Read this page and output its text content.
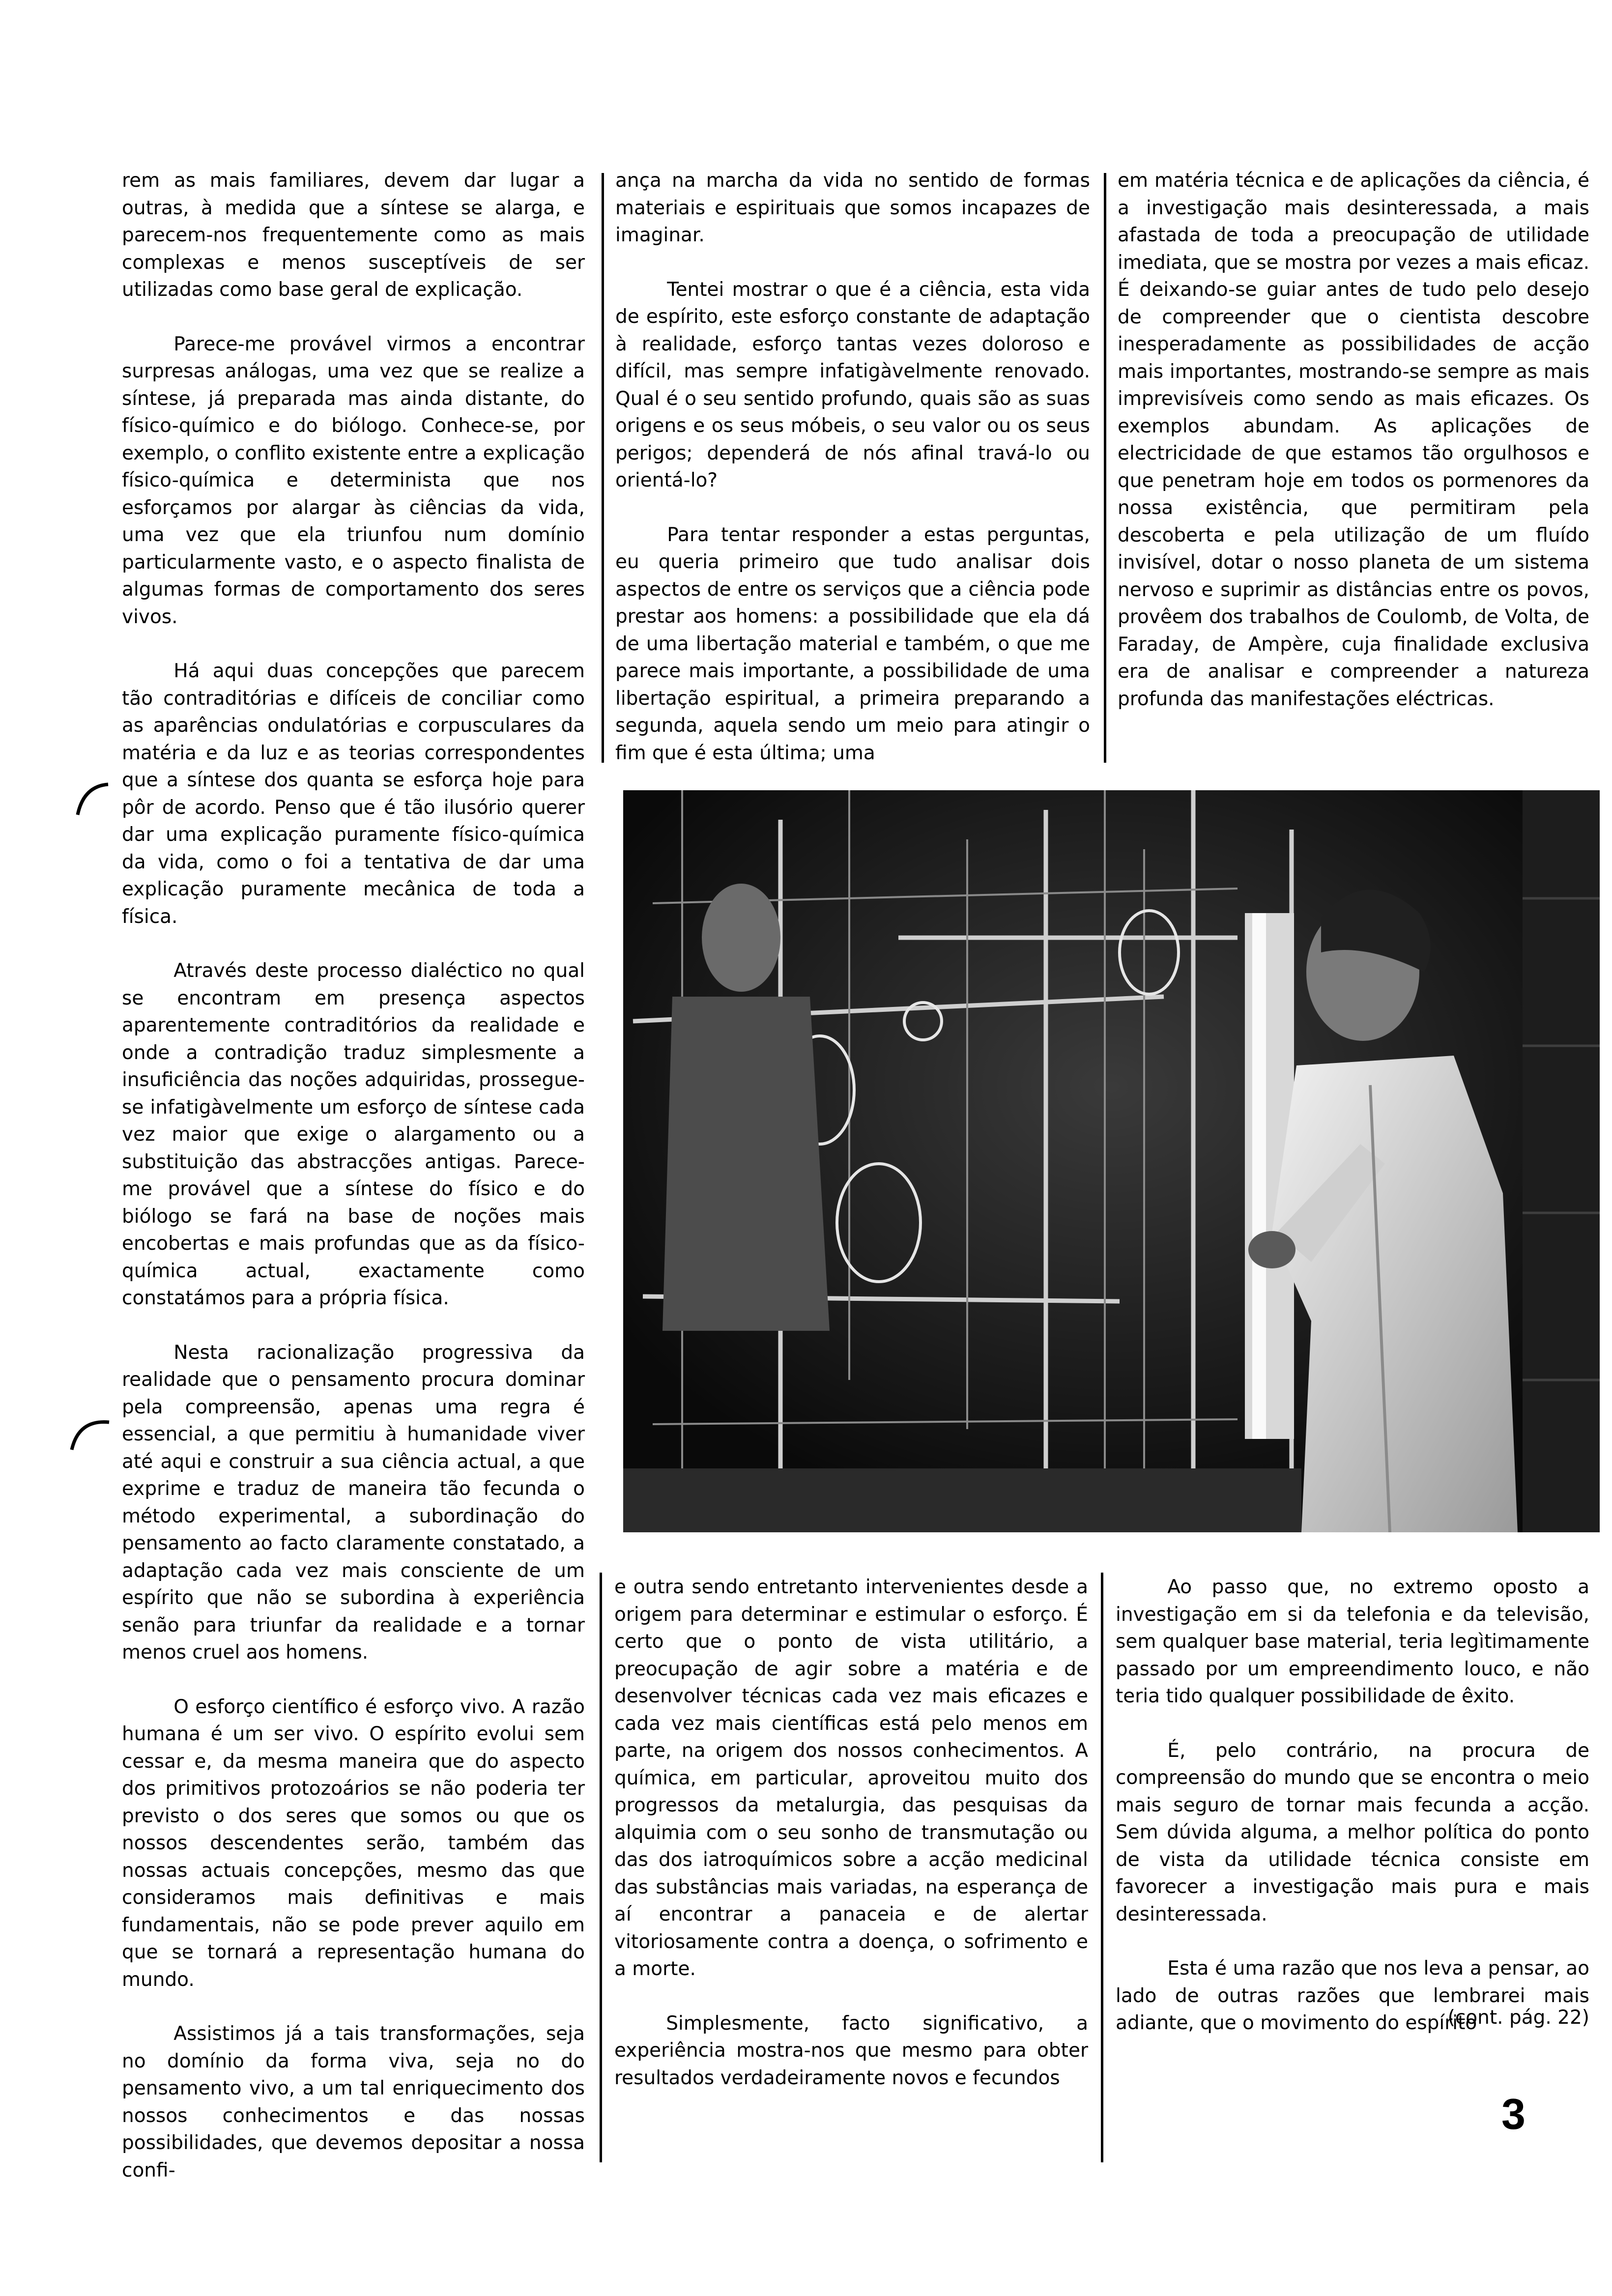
rem as mais familiares, devem dar lugar a outras, à medida que a síntese se alarga, e parecem-nos frequentemente como as mais complexas e menos susceptíveis de ser utilizadas como base geral de explicação.

Parece-me provável virmos a encontrar surpresas análogas, uma vez que se realize a síntese, já preparada mas ainda distante, do físico-químico e do biólogo. Conhece-se, por exemplo, o conflito existente entre a explicação físico-química e deterministа que nos esforçamos por alargar às ciências da vida, uma vez que ela triunfou num domínio particularmente vasto, e o aspecto finalista de algumas formas de comportamento dos seres vivos.

Há aqui duas concepções que parecem tão contraditórias e difíceis de conciliar como as aparências ondulatórias e corpusculares da matéria e da luz e as teorias correspondentes que a síntese dos quanta se esforça hoje para pôr de acordo. Penso que é tão ilusório querer dar uma explicação puramente físico-química da vida, como o foi a tentativa de dar uma explicação puramente mecânica de toda a física.

Através deste processo dialéctico no qual se encontram em presença aspectos aparentemente contraditórios da realidade e onde a contradição traduz simplesmente a insuficiência das noções adquiridas, prossegue-se infatigàvelmente um esforço de síntese cada vez maior que exige o alargamento ou a substituição das abstracções antigas. Parece-me provável que a síntese do físico e do biólogo se fará na base de noções mais encobertas e mais profundas que as da físico-química actual, exactamente como constatámos para a própria física.

Nesta racionalização progressiva da realidade que o pensamento procura dominar pela compreensão, apenas uma regra é essencial, a que permitiu à humanidade viver até aqui e construir a sua ciência actual, a que exprime e traduz de maneira tão fecunda o método experimental, a subordinação do pensamento ao facto claramente constatado, a adaptação cada vez mais consciente de um espírito que não se subordina à experiência senão para triunfar da realidade e a tornar menos cruel aos homens.

O esforço científico é esforço vivo. A razão humana é um ser vivo. O espírito evolui sem cessar e, da mesma maneira que do aspecto dos primitivos protozoários se não poderia ter previsto o dos seres que somos ou que os nossos descendentes serão, também das nossas actuais concepções, mesmo das que consideramos mais definitivas e mais fundamentais, não se pode prever aquilo em que se tornará a representação humana do mundo.

Assistimos já a tais transformações, seja no domínio da forma viva, seja no do pensamento vivo, a um tal enriquecimento dos nossos conhecimentos e das nossas possibilidades, que devemos depositar a nossa confi-

ança na marcha da vida no sentido de formas materiais e espirituais que somos incapazes de imaginar.

Tentei mostrar o que é a ciência, esta vida de espírito, este esforço constante de adaptação à realidade, esforço tantas vezes doloroso e difícil, mas sempre infatigàvelmente renovado. Qual é o seu sentido profundo, quais são as suas origens e os seus móbeis, o seu valor ou os seus perigos; dependerá de nós afinal travá-lo ou orientá-lo?

Para tentar responder a estas perguntas, eu queria primeiro que tudo analisar dois aspectos de entre os serviços que a ciência pode prestar aos homens: a possibilidade que ela dá de uma libertação material e também, o que me parece mais importante, a possibilidade de uma libertação espiritual, a primeira preparando a segunda, aquela sendo um meio para atingir o fim que é esta última; uma

em matéria técnica e de aplicações da ciência, é a investigação mais desinteressada, a mais afastada de toda a preocupação de utilidade imediata, que se mostra por vezes a mais eficaz. É deixando-se guiar antes de tudo pelo desejo de compreender que o cientista descobre inesperadamente as possibilidades de acção mais importantes, mostrando-se sempre as mais imprevisíveis como sendo as mais eficazes. Os exemplos abundam. As aplicações de electricidade de que estamos tão orgulhosos e que penetram hoje em todos os pormenores da nossa existência, que permitiram pela descoberta e pela utilização de um fluído invisível, dotar o nosso planeta de um sistema nervoso e suprimir as distâncias entre os povos, provêem dos trabalhos de Coulomb, de Volta, de Faraday, de Ampère, cuja finalidade exclusiva era de analisar e compreender a natureza profunda das manifestações eléctricas.

e outra sendo entretanto intervenientes desde a origem para determinar e estimular o esforço. É certo que o ponto de vista utilitário, a preocupação de agir sobre a matéria e de desenvolver técnicas cada vez mais eficazes e cada vez mais científicas está pelo menos em parte, na origem dos nossos conhecimentos. A química, em particular, aproveitou muito dos progressos da metalurgia, das pesquisas da alquimia com o seu sonho de transmutação ou das dos iatroquímicos sobre a acção medicinal das substâncias mais variadas, na esperança de aí encontrar a panaceia e de alertar vitoriosamente contra a doença, o sofrimento e a morte.

Simplesmente, facto significativo, a experiência mostra-nos que mesmo para obter resultados verdadeiramente novos e fecundos

Ao passo que, no extremo oposto a investigação em si da telefonia e da televisão, sem qualquer base material, teria legìtimamente passado por um empreendimento louco, e não teria tido qualquer possibilidade de êxito.

É, pelo contrário, na procura de compreensão do mundo que se encontra o meio mais seguro de tornar mais fecunda a acção. Sem dúvida alguma, a melhor política do ponto de vista da utilidade técnica consiste em favorecer a investigação mais pura e mais desinteressada.

Esta é uma razão que nos leva a pensar, ao lado de outras razões que lembrarei mais adiante, que o movimento do espírito

(cont. pág. 22)

3
